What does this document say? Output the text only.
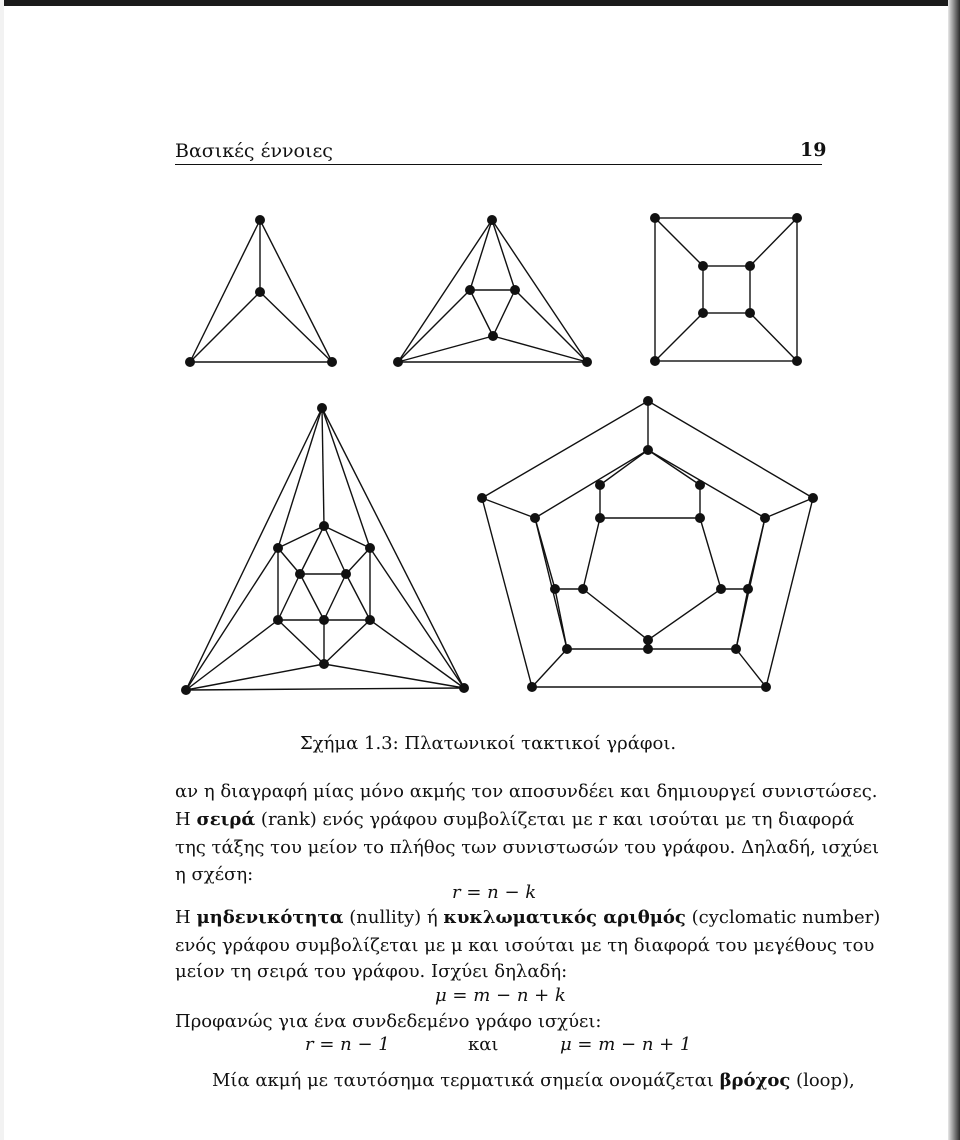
Βασικές έννοιες	19
Σχήμα 1.3: Πλατωνικοί τακτικοί γράφοι.
αν η διαγραφή μίας μόνο ακμής τον αποσυνδέει και δημιουργεί συνιστώσες.
Η σειρά (rank) ενός γράφου συμβολίζεται με r και ισούται με τη διαφορά
της τάξης του μείον το πλήθος των συνιστωσών του γράφου. Δηλαδή, ισχύει
η σχέση:
r = n − k
Η μηδενικότητα (nullity) ή κυκλωματικός αριθμός (cyclomatic number)
ενός γράφου συμβολίζεται με μ και ισούται με τη διαφορά του μεγέθους του
μείον τη σειρά του γράφου. Ισχύει δηλαδή:
μ = m − n + k
Προφανώς για ένα συνδεδεμένο γράφο ισχύει:
r = n − 1	και	μ = m − n + 1
Μία ακμή με ταυτόσημα τερματικά σημεία ονομάζεται βρόχος (loop),
